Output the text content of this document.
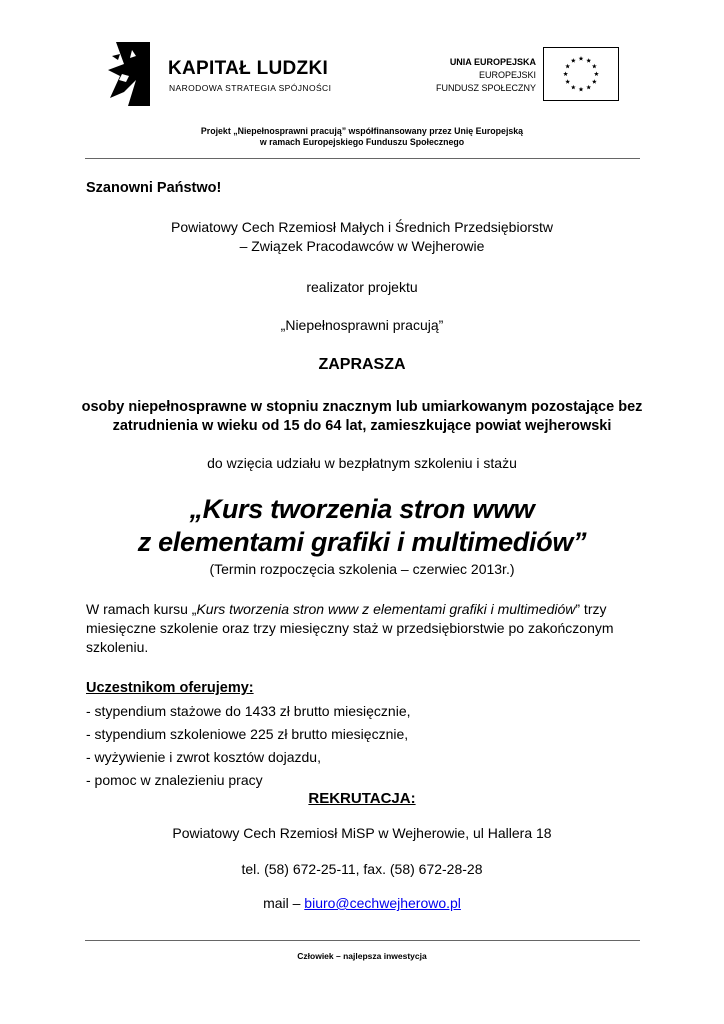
KAPITAŁ LUDZKI
NARODOWA STRATEGIA SPÓJNOŚCI
UNIA EUROPEJSKA
EUROPEJSKI
FUNDUSZ SPOŁECZNY
Projekt „Niepełnosprawni pracują” współfinansowany przez Unię Europejską
w ramach Europejskiego Funduszu Społecznego
Szanowni Państwo!
Powiatowy Cech Rzemiosł Małych i Średnich Przedsiębiorstw
– Związek Pracodawców w Wejherowie
realizator projektu
„Niepełnosprawni pracują”
ZAPRASZA
osoby niepełnosprawne w stopniu znacznym lub umiarkowanym pozostające bez
zatrudnienia w wieku od 15 do 64 lat, zamieszkujące powiat wejherowski
do wzięcia udziału w bezpłatnym szkoleniu i stażu
„Kurs tworzenia stron www
z elementami grafiki i multimediów”
(Termin rozpoczęcia szkolenia – czerwiec 2013r.)
W ramach kursu „Kurs tworzenia stron www z elementami grafiki i multimediów” trzy miesięczne szkolenie oraz trzy miesięczny staż w przedsiębiorstwie po zakończonym szkoleniu.
Uczestnikom oferujemy:
- stypendium stażowe do 1433 zł brutto miesięcznie,
- stypendium szkoleniowe 225 zł brutto miesięcznie,
- wyżywienie i zwrot kosztów dojazdu,
- pomoc w znalezieniu pracy
REKRUTACJA:
Powiatowy Cech Rzemiosł MiSP w Wejherowie, ul Hallera 18
tel. (58) 672-25-11, fax. (58) 672-28-28
mail – biuro@cechwejherowo.pl
Człowiek – najlepsza inwestycja
